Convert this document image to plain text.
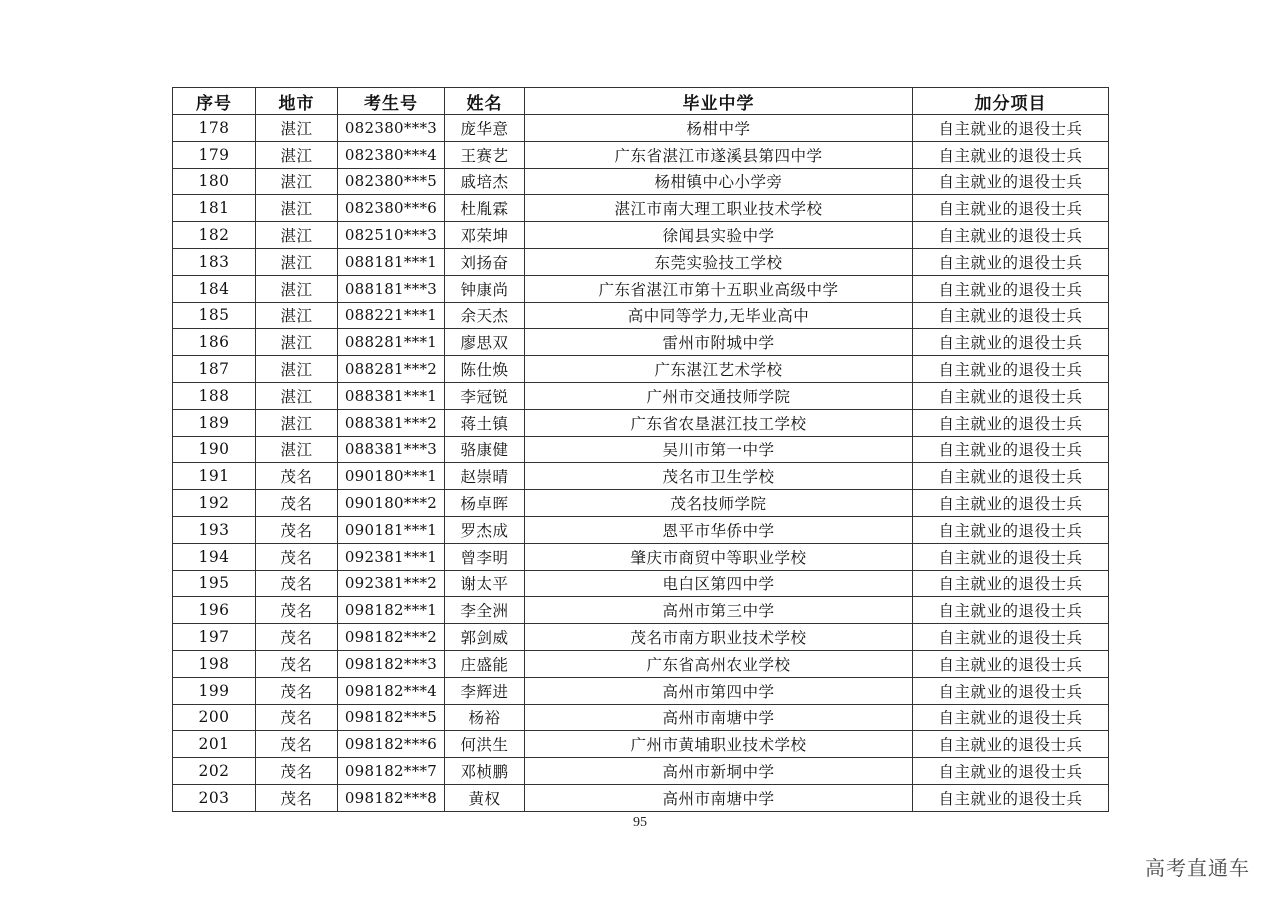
序号	地市	考生号	姓名	毕业中学	加分项目
178	湛江	082380***3	庞华意	杨柑中学	自主就业的退役士兵
179	湛江	082380***4	王赛艺	广东省湛江市遂溪县第四中学	自主就业的退役士兵
180	湛江	082380***5	戚培杰	杨柑镇中心小学旁	自主就业的退役士兵
181	湛江	082380***6	杜胤霖	湛江市南大理工职业技术学校	自主就业的退役士兵
182	湛江	082510***3	邓荣坤	徐闻县实验中学	自主就业的退役士兵
183	湛江	088181***1	刘扬奋	东莞实验技工学校	自主就业的退役士兵
184	湛江	088181***3	钟康尚	广东省湛江市第十五职业高级中学	自主就业的退役士兵
185	湛江	088221***1	余天杰	高中同等学力,无毕业高中	自主就业的退役士兵
186	湛江	088281***1	廖思双	雷州市附城中学	自主就业的退役士兵
187	湛江	088281***2	陈仕焕	广东湛江艺术学校	自主就业的退役士兵
188	湛江	088381***1	李冠锐	广州市交通技师学院	自主就业的退役士兵
189	湛江	088381***2	蒋土镇	广东省农垦湛江技工学校	自主就业的退役士兵
190	湛江	088381***3	骆康健	吴川市第一中学	自主就业的退役士兵
191	茂名	090180***1	赵崇晴	茂名市卫生学校	自主就业的退役士兵
192	茂名	090180***2	杨卓晖	茂名技师学院	自主就业的退役士兵
193	茂名	090181***1	罗杰成	恩平市华侨中学	自主就业的退役士兵
194	茂名	092381***1	曾李明	肇庆市商贸中等职业学校	自主就业的退役士兵
195	茂名	092381***2	谢太平	电白区第四中学	自主就业的退役士兵
196	茂名	098182***1	李全洲	高州市第三中学	自主就业的退役士兵
197	茂名	098182***2	郭剑威	茂名市南方职业技术学校	自主就业的退役士兵
198	茂名	098182***3	庄盛能	广东省高州农业学校	自主就业的退役士兵
199	茂名	098182***4	李辉进	高州市第四中学	自主就业的退役士兵
200	茂名	098182***5	杨裕	高州市南塘中学	自主就业的退役士兵
201	茂名	098182***6	何洪生	广州市黄埔职业技术学校	自主就业的退役士兵
202	茂名	098182***7	邓桢鹏	高州市新垌中学	自主就业的退役士兵
203	茂名	098182***8	黄权	高州市南塘中学	自主就业的退役士兵
95
高考直通车
